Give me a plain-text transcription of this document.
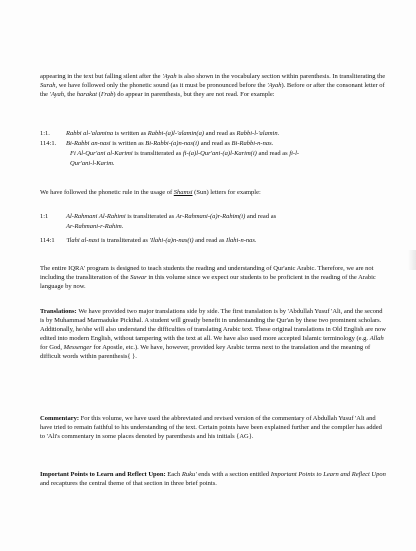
appearing in the text but falling silent after the 'Ayah is also shown in the vocabulary section within parenthesis. In transliterating the Surah, we have followed only the phonetic sound (as it must be pronounced before the 'Ayah). Before or after the consonant letter of the 'Ayah, the harakat (I'rab) do appear in parenthesis, but they are not read. For example:

1:1. Rabbi al-'alamina is written as Rabbi-(a)l-'alamin(a) and read as Rabbi-l-'alamin.
114:1. Bi-Rabbi an-nasi is written as Bi-Rabbi-(a)n-nas(i) and read as Bi-Rabbi-n-nas.
Fi Al-Qur'ani al-Karimi is transliterated as fi-(a)l-Qur'ani-(a)l-Karim(i) and read as fi-l-
Qur'ani-l-Karim.

We have followed the phonetic rule in the usage of Shamsi (Sun) letters for example:

1:1	Al-Rahmani Al-Rahimi is transliterated as Ar-Rahmani-(a)r-Rahim(i) and read as
Ar-Rahmani-r-Rahim.
114:1 'Ilahi al-nasi is transliterated as 'Ilahi-(a)n-nas(i) and read as Ilahi-n-nas.

The entire IQRA' program is designed to teach students the reading and understanding of Qur'anic Arabic. Therefore, we are not including the transliteration of the Suwar in this volume since we expect our students to be proficient in the reading of the Arabic language by now.

Translations: We have provided two major translations side by side. The first translation is by 'Abdullah Yusuf 'Ali, and the second is by Muhammad Marmaduke Pickthal. A student will greatly benefit in understanding the Qur'an by these two prominent scholars. Additionally, he/she will also understand the difficulties of translating Arabic text. These original translations in Old English are now edited into modern English, without tampering with the text at all. We have also used more accepted Islamic terminology (e.g. Allah for God, Messenger for Apostle, etc.). We have, however, provided key Arabic terms next to the translation and the meaning of difficult words within parenthesis{ }.

Commentary: For this volume, we have used the abbreviated and revised version of the commentary of Abdullah Yusuf 'Ali and have tried to remain faithful to his understanding of the text. Certain points have been explained further and the compiler has added to 'Ali's commentary in some places denoted by parenthesis and his initials {AG}.

Important Points to Learn and Reflect Upon: Each Ruku' ends with a section entitled Important Points to Learn and Reflect Upon and recaptures the central theme of that section in three brief points.
